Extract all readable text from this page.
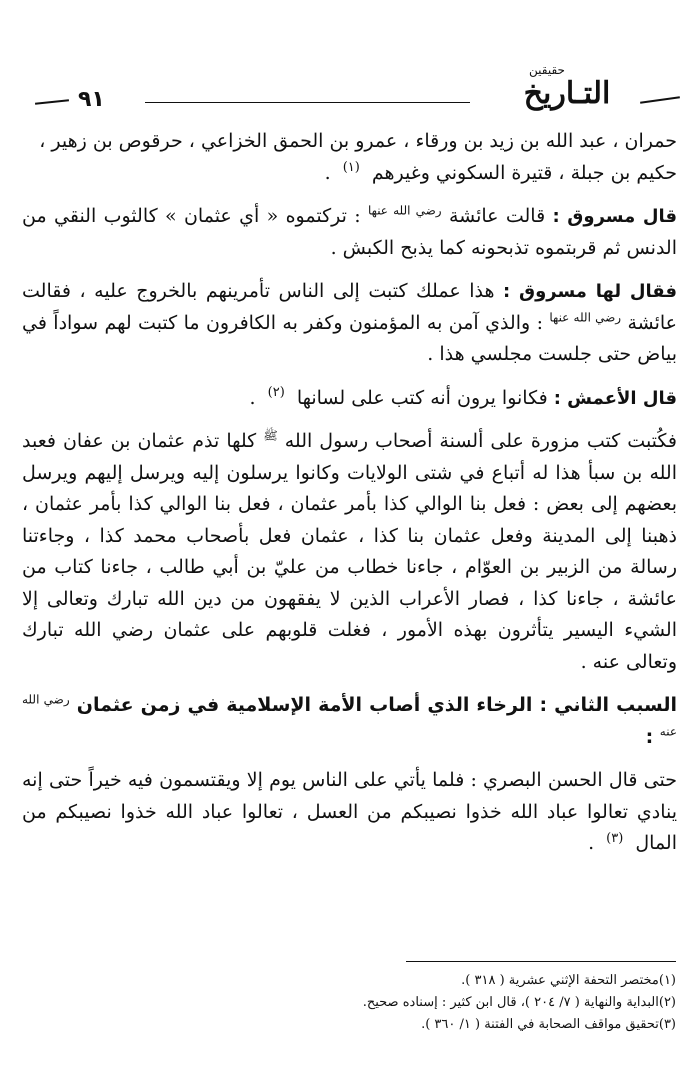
حقيقين
التـاريخ
٩١

حمران ، عبد الله بن زيد بن ورقاء ، عمرو بن الحمق الخزاعي ، حرقوص بن زهير ،
حكيم بن جبلة ، قتيرة السكوني وغيرهم $^{(١)}$ .

قال مسروق : قالت عائشة $^{رضي الله عنها}$ : تركتموه « أي عثمان » كالثوب النقي من الدنس ثم قربتموه تذبحونه كما يذبح الكبش .

فقال لها مسروق : هذا عملك كتبت إلى الناس تأمرينهم بالخروج عليه ، فقالت عائشة $^{رضي الله عنها}$ : والذي آمن به المؤمنون وكفر به الكافرون ما كتبت لهم سواداً في بياض حتى جلست مجلسي هذا .

قال الأعمش : فكانوا يرون أنه كتب على لسانها $^{(٢)}$ .

فكُتبت كتب مزورة على ألسنة أصحاب رسول الله $^ﷺ$ كلها تذم عثمان بن عفان فعبد الله بن سبأ هذا له أتباع في شتى الولايات وكانوا يرسلون إليه ويرسل إليهم ويرسل بعضهم إلى بعض : فعل بنا الوالي كذا بأمر عثمان ، فعل بنا الوالي كذا بأمر عثمان ، ذهبنا إلى المدينة وفعل عثمان بنا كذا ، عثمان فعل بأصحاب محمد كذا ، وجاءتنا رسالة من الزبير بن العوّام ، جاءنا خطاب من عليّ بن أبي طالب ، جاءنا كتاب من عائشة ، جاءنا كذا ، فصار الأعراب الذين لا يفقهون من دين الله تبارك وتعالى إلا الشيء اليسير يتأثرون بهذه الأمور ، فغلت قلوبهم على عثمان رضي الله تبارك وتعالى عنه .

السبب الثاني : الرخاء الذي أصاب الأمة الإسلامية في زمن عثمان $^{رضي الله عنه}$ :

حتى قال الحسن البصري : فلما يأتي على الناس يوم إلا ويقتسمون فيه خيراً حتى إنه ينادي تعالوا عباد الله خذوا نصيبكم من العسل ، تعالوا عباد الله خذوا نصيبكم من المال $^{(٣)}$ .

(١)مختصر التحفة الإثني عشرية ( ٣١٨ ).
(٢)البداية والنهاية ( ٧/ ٢٠٤ )، قال ابن كثير : إسناده صحيح.
(٣)تحقيق مواقف الصحابة في الفتنة ( ١/ ٣٦٠ ).
